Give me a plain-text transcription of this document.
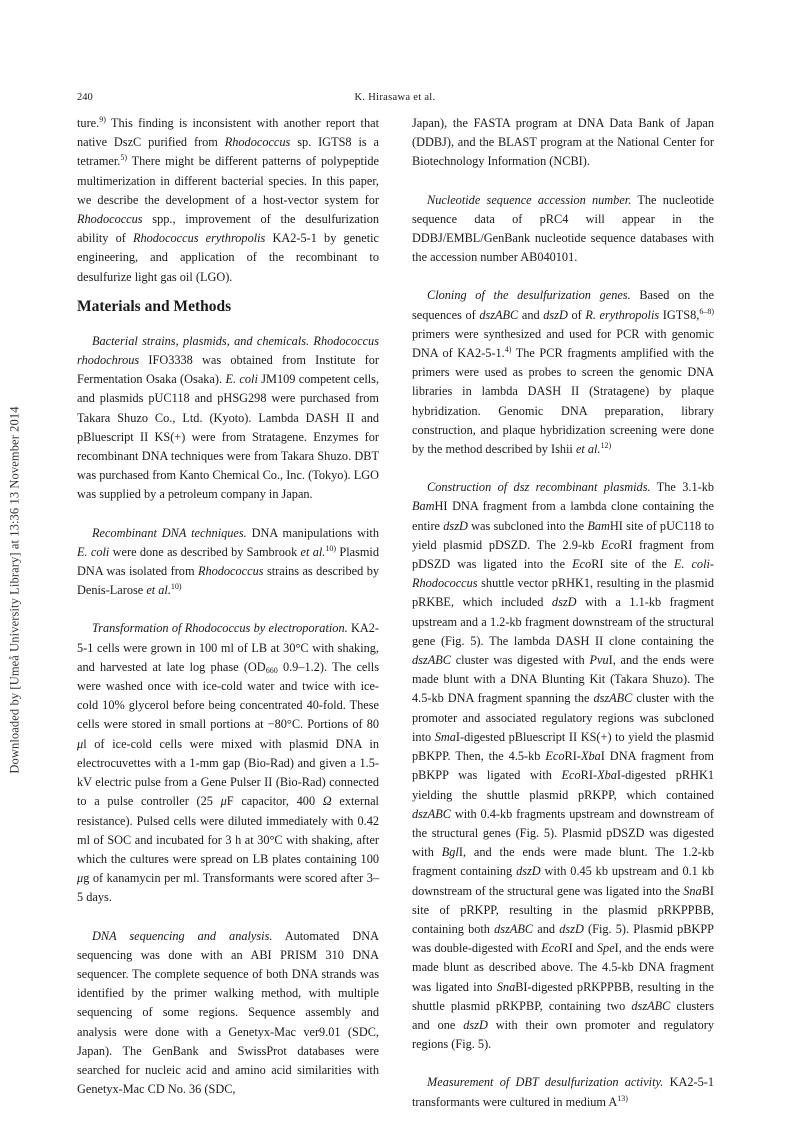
Downloaded by [Umeå University Library] at 13:36 13 November 2014
240	K. Hirasawa et al.

ture.$^{9)}$ This finding is inconsistent with another report that native DszC purified from Rhodococcus sp. IGTS8 is a tetramer.$^{5)}$ There might be different patterns of polypeptide multimerization in different bacterial species. In this paper, we describe the development of a host-vector system for Rhodococcus spp., improvement of the desulfurization ability of Rhodococcus erythropolis KA2-5-1 by genetic engineering, and application of the recombinant to desulfurize light gas oil (LGO).

Materials and Methods

Bacterial strains, plasmids, and chemicals. Rhodococcus rhodochrous IFO3338 was obtained from Institute for Fermentation Osaka (Osaka). E. coli JM109 competent cells, and plasmids pUC118 and pHSG298 were purchased from Takara Shuzo Co., Ltd. (Kyoto). Lambda DASH II and pBluescript II KS(+) were from Stratagene. Enzymes for recombinant DNA techniques were from Takara Shuzo. DBT was purchased from Kanto Chemical Co., Inc. (Tokyo). LGO was supplied by a petroleum company in Japan.

Recombinant DNA techniques. DNA manipulations with E. coli were done as described by Sambrook et al.$^{10)}$ Plasmid DNA was isolated from Rhodococcus strains as described by Denis-Larose et al.$^{10)}$

Transformation of Rhodococcus by electroporation. KA2-5-1 cells were grown in 100 ml of LB at 30°C with shaking, and harvested at late log phase ($OD_{660}$ 0.9–1.2). The cells were washed once with ice-cold water and twice with ice-cold 10% glycerol before being concentrated 40-fold. These cells were stored in small portions at −80°C. Portions of 80 μl of ice-cold cells were mixed with plasmid DNA in electrocuvettes with a 1-mm gap (Bio-Rad) and given a 1.5-kV electric pulse from a Gene Pulser II (Bio-Rad) connected to a pulse controller (25 μF capacitor, 400 Ω external resistance). Pulsed cells were diluted immediately with 0.42 ml of SOC and incubated for 3 h at 30°C with shaking, after which the cultures were spread on LB plates containing 100 μg of kanamycin per ml. Transformants were scored after 3–5 days.

DNA sequencing and analysis. Automated DNA sequencing was done with an ABI PRISM 310 DNA sequencer. The complete sequence of both DNA strands was identified by the primer walking method, with multiple sequencing of some regions. Sequence assembly and analysis were done with a Genetyx-Mac ver9.01 (SDC, Japan). The GenBank and SwissProt databases were searched for nucleic acid and amino acid similarities with Genetyx-Mac CD No. 36 (SDC,

Japan), the FASTA program at DNA Data Bank of Japan (DDBJ), and the BLAST program at the National Center for Biotechnology Information (NCBI).

Nucleotide sequence accession number. The nucleotide sequence data of pRC4 will appear in the DDBJ/EMBL/GenBank nucleotide sequence databases with the accession number AB040101.

Cloning of the desulfurization genes. Based on the sequences of dszABC and dszD of R. erythropolis IGTS8,$^{6-8)}$ primers were synthesized and used for PCR with genomic DNA of KA2-5-1.$^{4)}$ The PCR fragments amplified with the primers were used as probes to screen the genomic DNA libraries in lambda DASH II (Stratagene) by plaque hybridization. Genomic DNA preparation, library construction, and plaque hybridization screening were done by the method described by Ishii et al.$^{12)}$

Construction of dsz recombinant plasmids. The 3.1-kb BamHI DNA fragment from a lambda clone containing the entire dszD was subcloned into the BamHI site of pUC118 to yield plasmid pDSZD. The 2.9-kb EcoRI fragment from pDSZD was ligated into the EcoRI site of the E. coli-Rhodococcus shuttle vector pRHK1, resulting in the plasmid pRKBE, which included dszD with a 1.1-kb fragment upstream and a 1.2-kb fragment downstream of the structural gene (Fig. 5). The lambda DASH II clone containing the dszABC cluster was digested with PvuI, and the ends were made blunt with a DNA Blunting Kit (Takara Shuzo). The 4.5-kb DNA fragment spanning the dszABC cluster with the promoter and associated regulatory regions was subcloned into SmaI-digested pBluescript II KS(+) to yield the plasmid pBKPP. Then, the 4.5-kb EcoRI-XbaI DNA fragment from pBKPP was ligated with EcoRI-XbaI-digested pRHK1 yielding the shuttle plasmid pRKPP, which contained dszABC with 0.4-kb fragments upstream and downstream of the structural genes (Fig. 5). Plasmid pDSZD was digested with BglI, and the ends were made blunt. The 1.2-kb fragment containing dszD with 0.45 kb upstream and 0.1 kb downstream of the structural gene was ligated into the SnaBI site of pRKPP, resulting in the plasmid pRKPPBB, containing both dszABC and dszD (Fig. 5). Plasmid pBKPP was double-digested with EcoRI and SpeI, and the ends were made blunt as described above. The 4.5-kb DNA fragment was ligated into SnaBI-digested pRKPPBB, resulting in the shuttle plasmid pRKPBP, containing two dszABC clusters and one dszD with their own promoter and regulatory regions (Fig. 5).

Measurement of DBT desulfurization activity. KA2-5-1 transformants were cultured in medium $A^{13)}$
